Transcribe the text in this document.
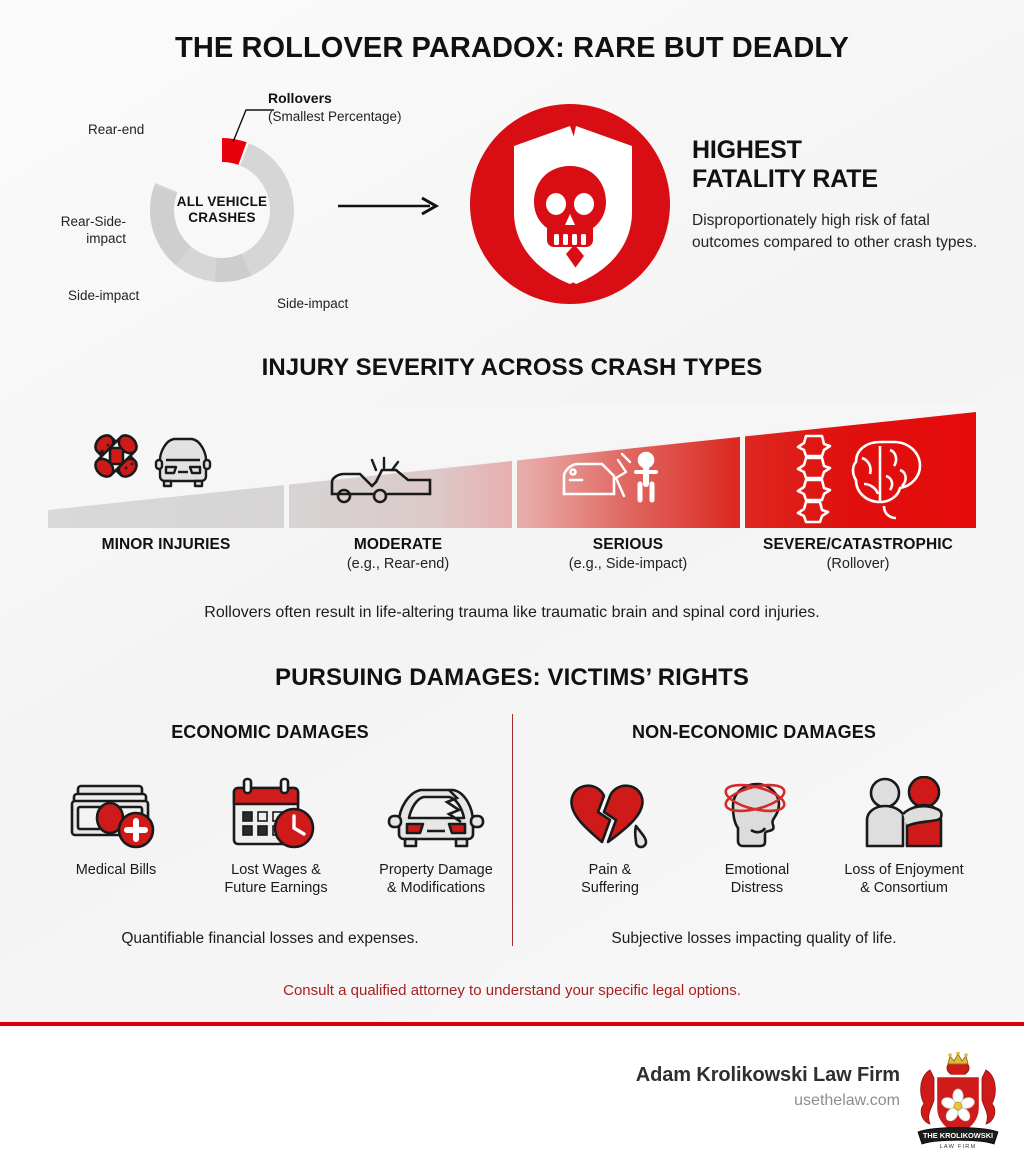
THE ROLLOVER PARADOX: RARE BUT DEADLY
ALL VEHICLE
CRASHES
Rollovers
(Smallest Percentage)
Rear-end
Rear-Side-impact
Side-impact
Side-impact
HIGHEST
FATALITY RATE
Disproportionately high risk of fatal outcomes compared to other crash types.
INJURY SEVERITY ACROSS CRASH TYPES
MINOR INJURIES	MODERATE
(e.g., Rear-end)
SERIOUS
(e.g., Side-impact)
SEVERE/CATASTROPHIC
(Rollover)
Rollovers often result in life-altering trauma like traumatic brain and spinal cord injuries.
PURSUING DAMAGES: VICTIMS’ RIGHTS
ECONOMIC DAMAGES	NON-ECONOMIC DAMAGES
Medical Bills	Lost Wages &
Future Earnings
Property Damage
& Modifications
Pain &
Suffering
Emotional
Distress
Loss of Enjoyment
& Consortium
Quantifiable financial losses and expenses.	Subjective losses impacting quality of life.
Consult a qualified attorney to understand your specific legal options.
Adam Krolikowski Law Firm
usethelaw.com
THE KROLIKOWSKI
LAW FIRM
